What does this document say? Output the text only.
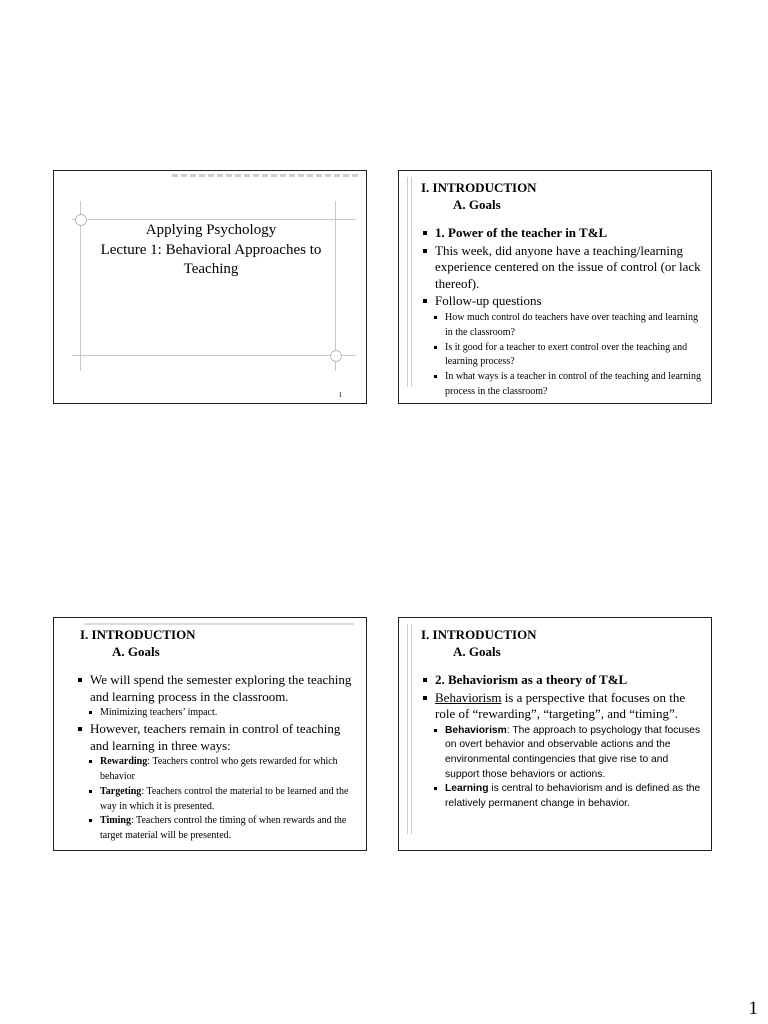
Applying Psychology
Lecture 1: Behavioral Approaches to
Teaching
1
I. INTRODUCTION
A. Goals
1. Power of the teacher in T&L
This week, did anyone have a teaching/learning experience centered on the issue of control (or lack thereof).
Follow-up questions
How much control do teachers have over teaching and learning in the classroom?
Is it good for a teacher to exert control over the teaching and learning process?
In what ways is a teacher in control of the teaching and learning process in the classroom?
I. INTRODUCTION
A. Goals
We will spend the semester exploring the teaching and learning process in the classroom.
Minimizing teachers’ impact.
However, teachers remain in control of teaching and learning in three ways:
Rewarding: Teachers control who gets rewarded for which behavior
Targeting: Teachers control the material to be learned and the way in which it is presented.
Timing: Teachers control the timing of when rewards and the target material will be presented.
I. INTRODUCTION
A. Goals
2. Behaviorism as a theory of T&L
Behaviorism is a perspective that focuses on the role of “rewarding”, “targeting”, and “timing”.
Behaviorism: The approach to psychology that focuses on overt behavior and observable actions and the environmental contingencies that give rise to and support those behaviors or actions.
Learning is central to behaviorism and is defined as the relatively permanent change in behavior.
1
